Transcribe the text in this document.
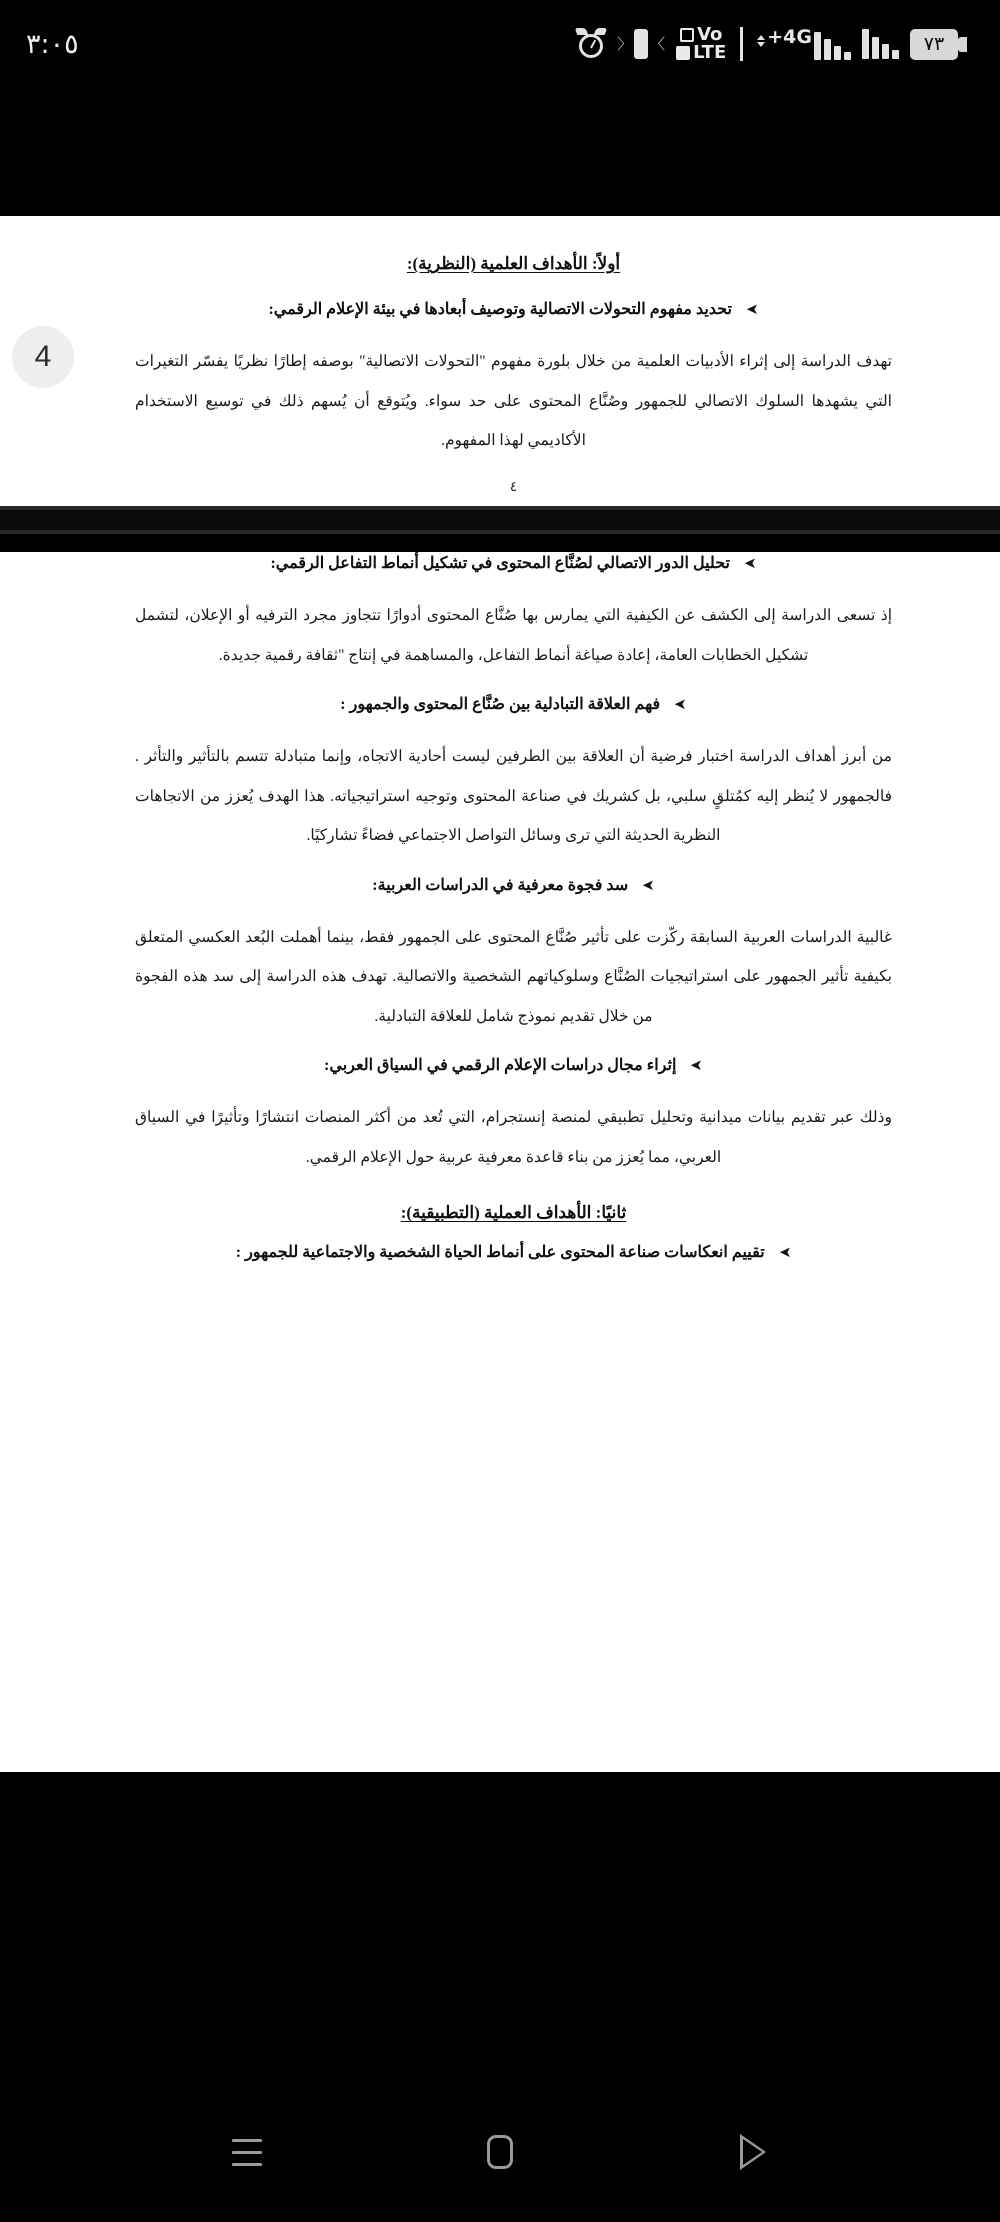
٧٣
4G+
Vo
LTE
〉
〈
٣:٠٥
4
أولاً: الأهداف العلمية (النظرية):
➤
تحديد مفهوم التحولات الاتصالية وتوصيف أبعادها في بيئة الإعلام الرقمي:

تهدف الدراسة إلى إثراء الأدبيات العلمية من خلال بلورة مفهوم "التحولات الاتصالية" بوصفه إطارًا نظريًا يفسّر التغيرات التي يشهدها السلوك الاتصالي للجمهور وصُنَّاع المحتوى على حد سواء. ويُتوقع أن يُسهم ذلك في توسيع الاستخدام الأكاديمي لهذا المفهوم.

٤
➤
تحليل الدور الاتصالي لصُنَّاع المحتوى في تشكيل أنماط التفاعل الرقمي:

إذ تسعى الدراسة إلى الكشف عن الكيفية التي يمارس بها صُنَّاع المحتوى أدوارًا تتجاوز مجرد الترفيه أو الإعلان، لتشمل تشكيل الخطابات العامة، إعادة صياغة أنماط التفاعل، والمساهمة في إنتاج "ثقافة رقمية جديدة.

➤
فهم العلاقة التبادلية بين صُنَّاع المحتوى والجمهور :

من أبرز أهداف الدراسة اختبار فرضية أن العلاقة بين الطرفين ليست أحادية الاتجاه، وإنما متبادلة تتسم بالتأثير والتأثر . فالجمهور لا يُنظر إليه كمُتلقٍ سلبي، بل كشريك في صناعة المحتوى وتوجيه استراتيجياته. هذا الهدف يُعزز من الاتجاهات النظرية الحديثة التي ترى وسائل التواصل الاجتماعي فضاءً تشاركيًا.

➤
سد فجوة معرفية في الدراسات العربية:

غالبية الدراسات العربية السابقة ركّزت على تأثير صُنَّاع المحتوى على الجمهور فقط، بينما أهملت البُعد العكسي المتعلق بكيفية تأثير الجمهور على استراتيجيات الصُنَّاع وسلوكياتهم الشخصية والاتصالية. تهدف هذه الدراسة إلى سد هذه الفجوة من خلال تقديم نموذج شامل للعلاقة التبادلية.

➤
إثراء مجال دراسات الإعلام الرقمي في السياق العربي:

وذلك عبر تقديم بيانات ميدانية وتحليل تطبيقي لمنصة إنستجرام، التي تُعد من أكثر المنصات انتشارًا وتأثيرًا في السياق العربي، مما يُعزز من بناء قاعدة معرفية عربية حول الإعلام الرقمي.

ثانيًا: الأهداف العملية (التطبيقية):
➤
تقييم انعكاسات صناعة المحتوى على أنماط الحياة الشخصية والاجتماعية للجمهور :
